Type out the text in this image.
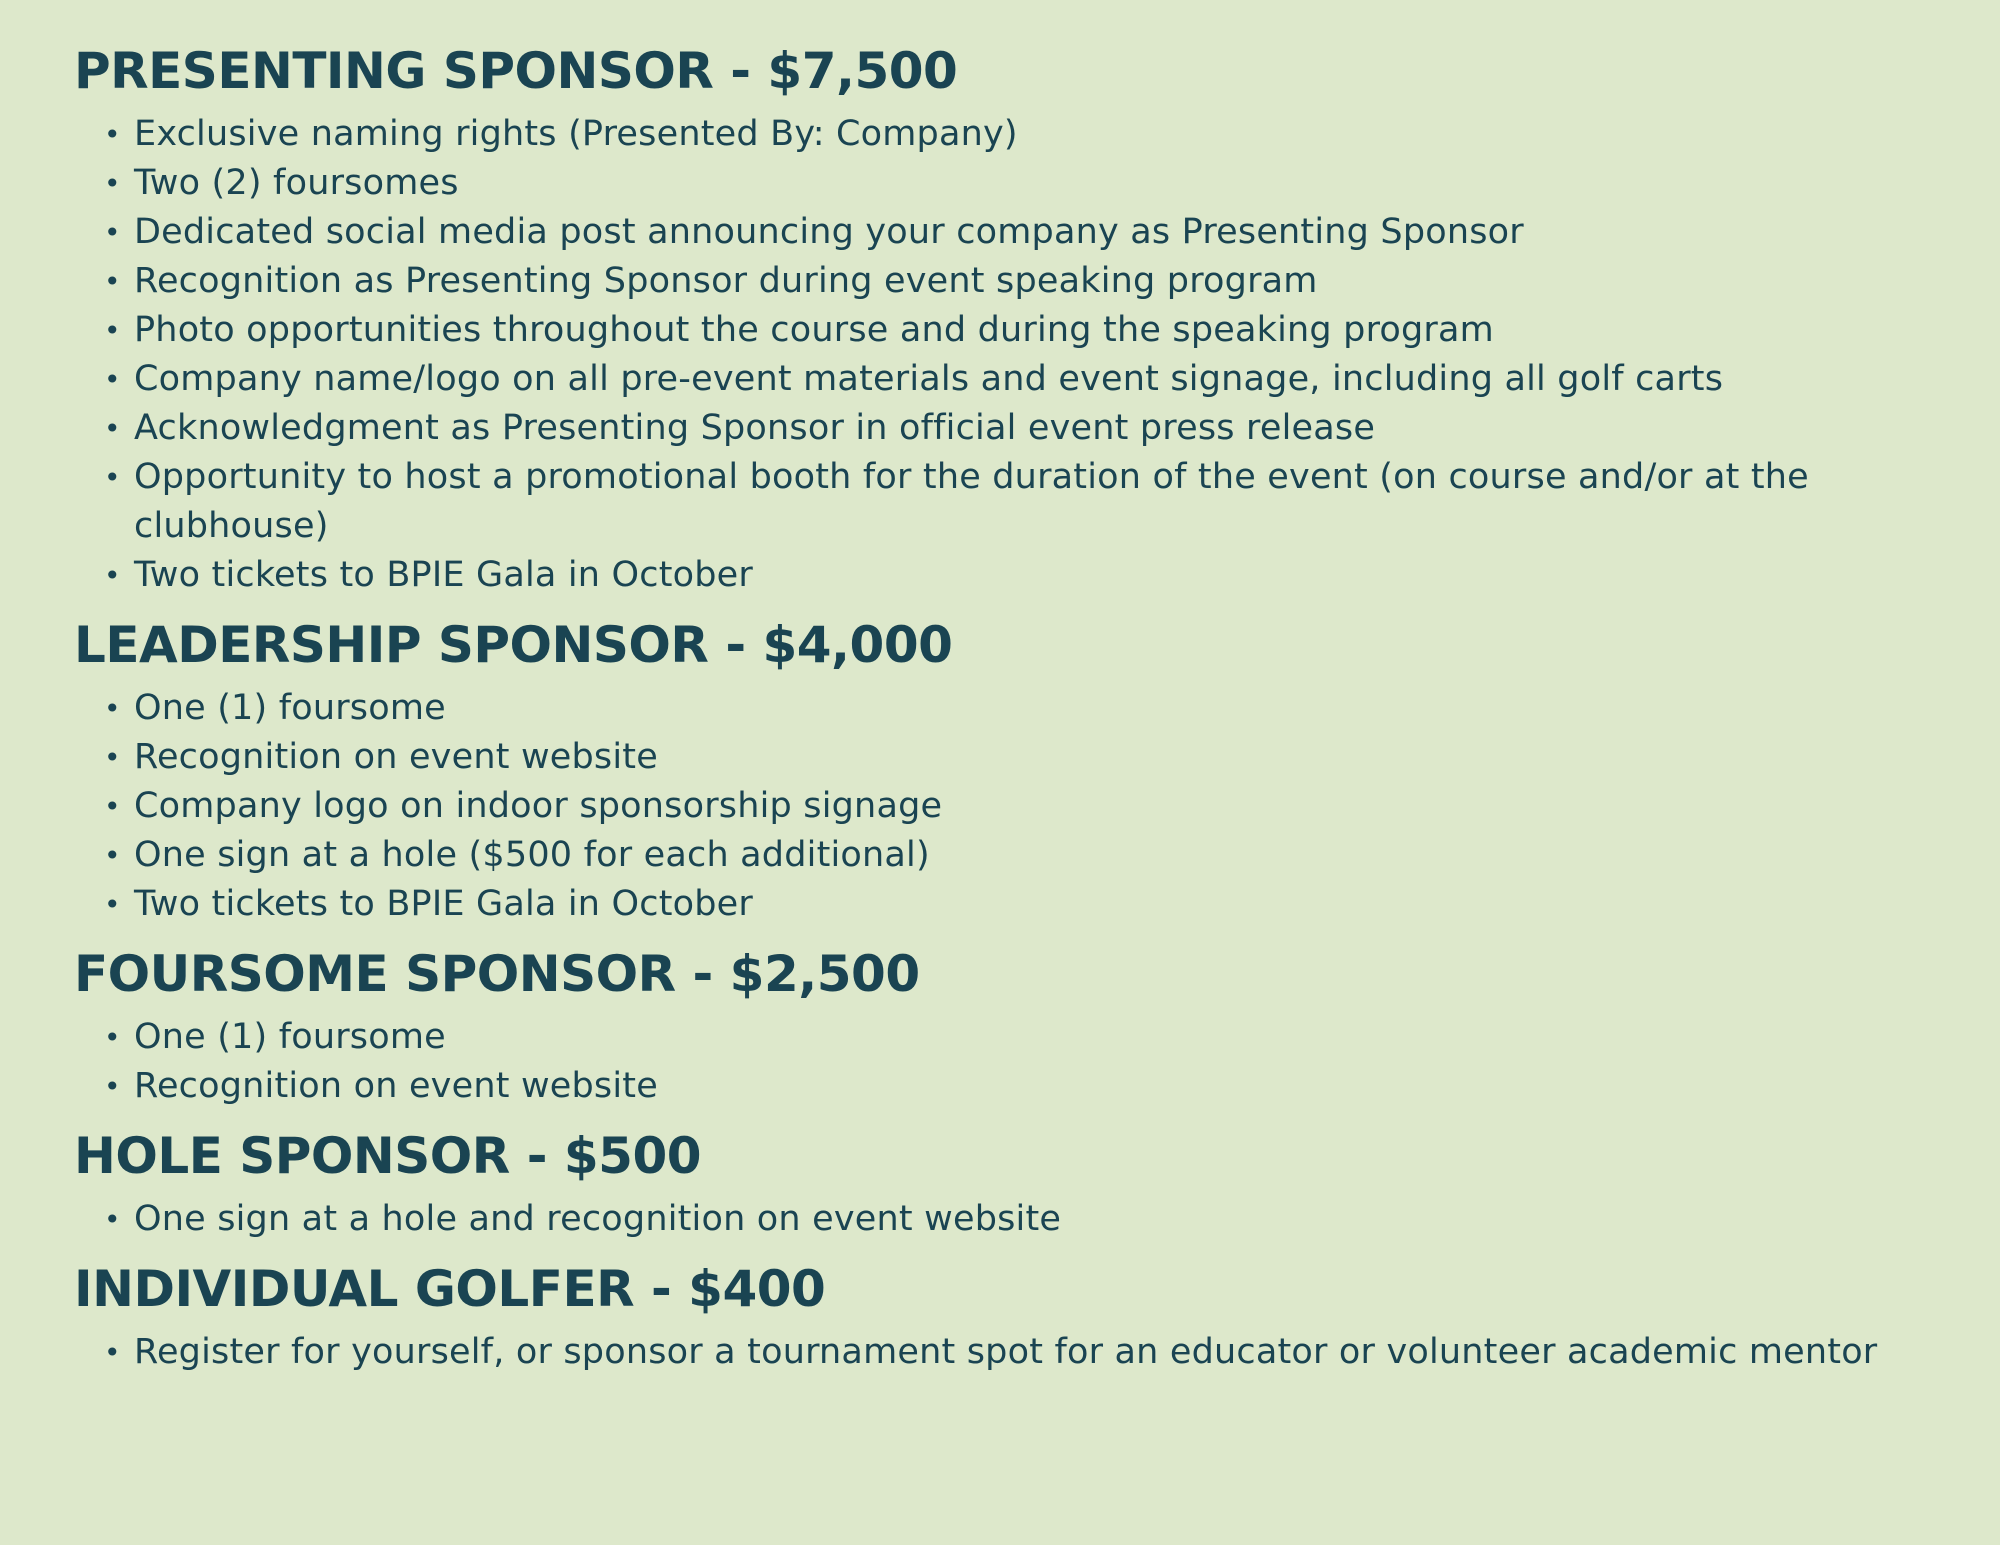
PRESENTING SPONSOR - $7,500
• Exclusive naming rights (Presented By: Company)
• Two (2) foursomes
• Dedicated social media post announcing your company as Presenting Sponsor
• Recognition as Presenting Sponsor during event speaking program
• Photo opportunities throughout the course and during the speaking program
• Company name/logo on all pre-event materials and event signage, including all golf carts
• Acknowledgment as Presenting Sponsor in official event press release
• Opportunity to host a promotional booth for the duration of the event (on course and/or at the clubhouse)
• Two tickets to BPIE Gala in October
LEADERSHIP SPONSOR - $4,000
• One (1) foursome
• Recognition on event website
• Company logo on indoor sponsorship signage
• One sign at a hole ($500 for each additional)
• Two tickets to BPIE Gala in October
FOURSOME SPONSOR - $2,500
• One (1) foursome
• Recognition on event website
HOLE SPONSOR - $500
• One sign at a hole and recognition on event website
INDIVIDUAL GOLFER - $400
• Register for yourself, or sponsor a tournament spot for an educator or volunteer academic mentor
